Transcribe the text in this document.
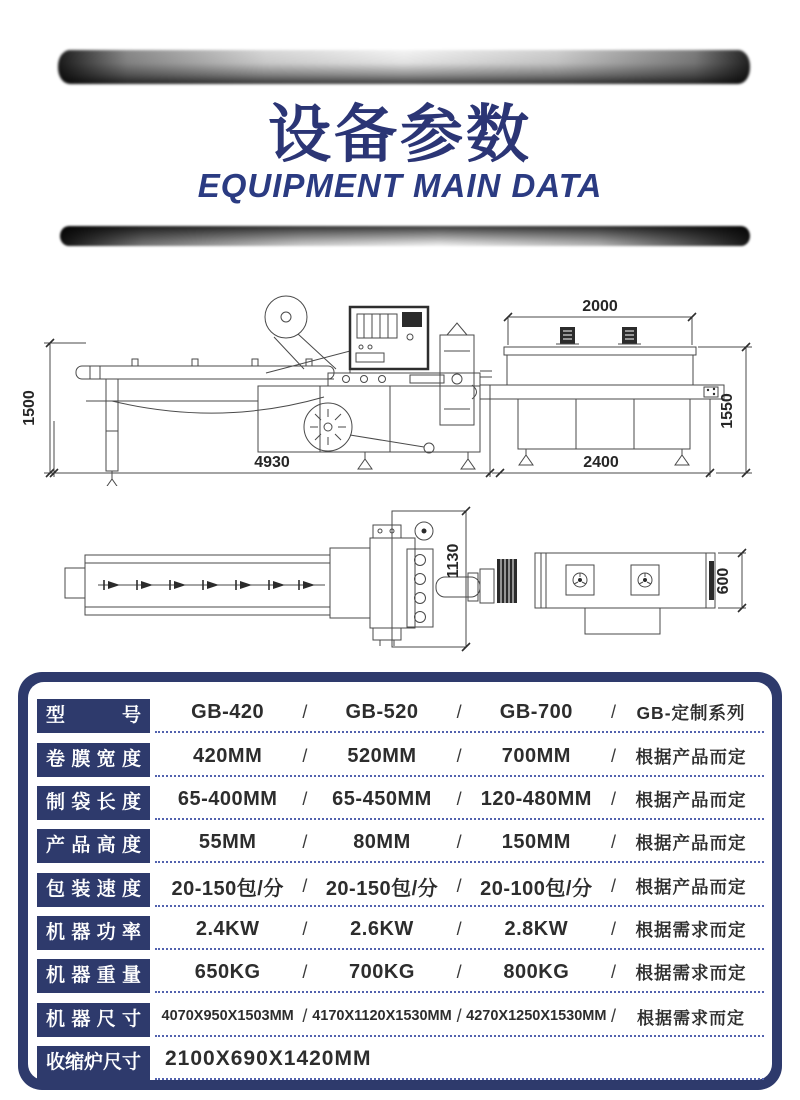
设备参数
EQUIPMENT MAIN DATA
1500
2000
1550
4930	2400
1130
600
型号	GB-420	/	GB-520	/	GB-700	/	GB-定制系列
卷膜宽度	420MM	/	520MM	/	700MM	/	根据产品而定
制袋长度	65-400MM	/	65-450MM	/ 120-480MM	/	根据产品而定
产品高度	55MM	/	80MM	/	150MM	/	根据产品而定
包装速度	20-150包/分	/ 20-150包/分	/ 20-100包/分	/	根据产品而定
机器功率	2.4KW	/	2.6KW	/	2.8KW	/	根据需求而定
机器重量	650KG	/	700KG	/	800KG	/	根据需求而定
机器尺寸	4070X950X1503MM / 4170X1120X1530MM / 4270X1250X1530MM /	根据需求而定
收缩炉尺寸	2100X690X1420MM
